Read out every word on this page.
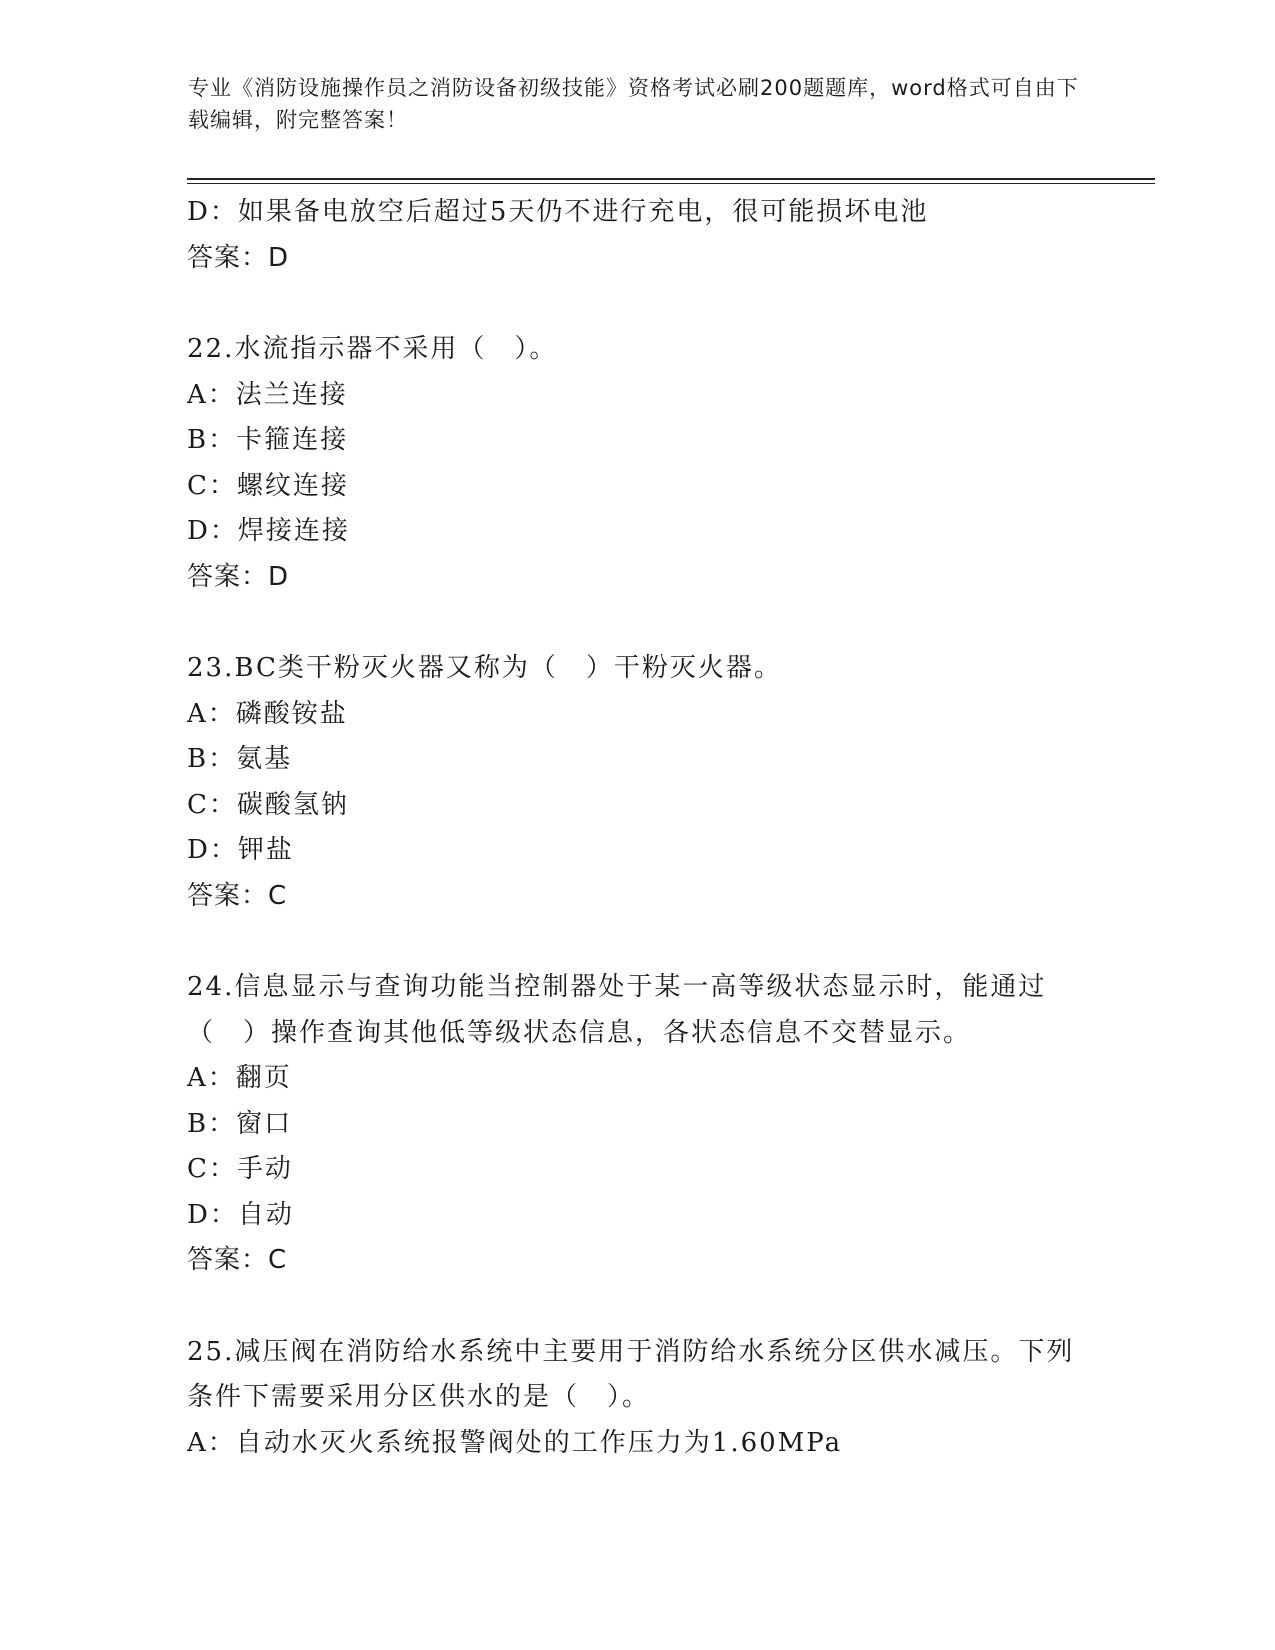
专业《消防设施操作员之消防设备初级技能》资格考试必刷200题题库，word格式可自由下载编辑，附完整答案！
D：如果备电放空后超过5天仍不进行充电，很可能损坏电池
答案：D
22.水流指示器不采用（　）。
A：法兰连接
B：卡箍连接
C：螺纹连接
D：焊接连接
答案：D
23.BC类干粉灭火器又称为（　）干粉灭火器。
A：磷酸铵盐
B：氨基
C：碳酸氢钠
D：钾盐
答案：C
24.信息显示与查询功能当控制器处于某一高等级状态显示时，能通过（　）操作查询其他低等级状态信息，各状态信息不交替显示。
A：翻页
B：窗口
C：手动
D：自动
答案：C
25.减压阀在消防给水系统中主要用于消防给水系统分区供水减压。下列条件下需要采用分区供水的是（　）。
A：自动水灭火系统报警阀处的工作压力为1.60MPa
